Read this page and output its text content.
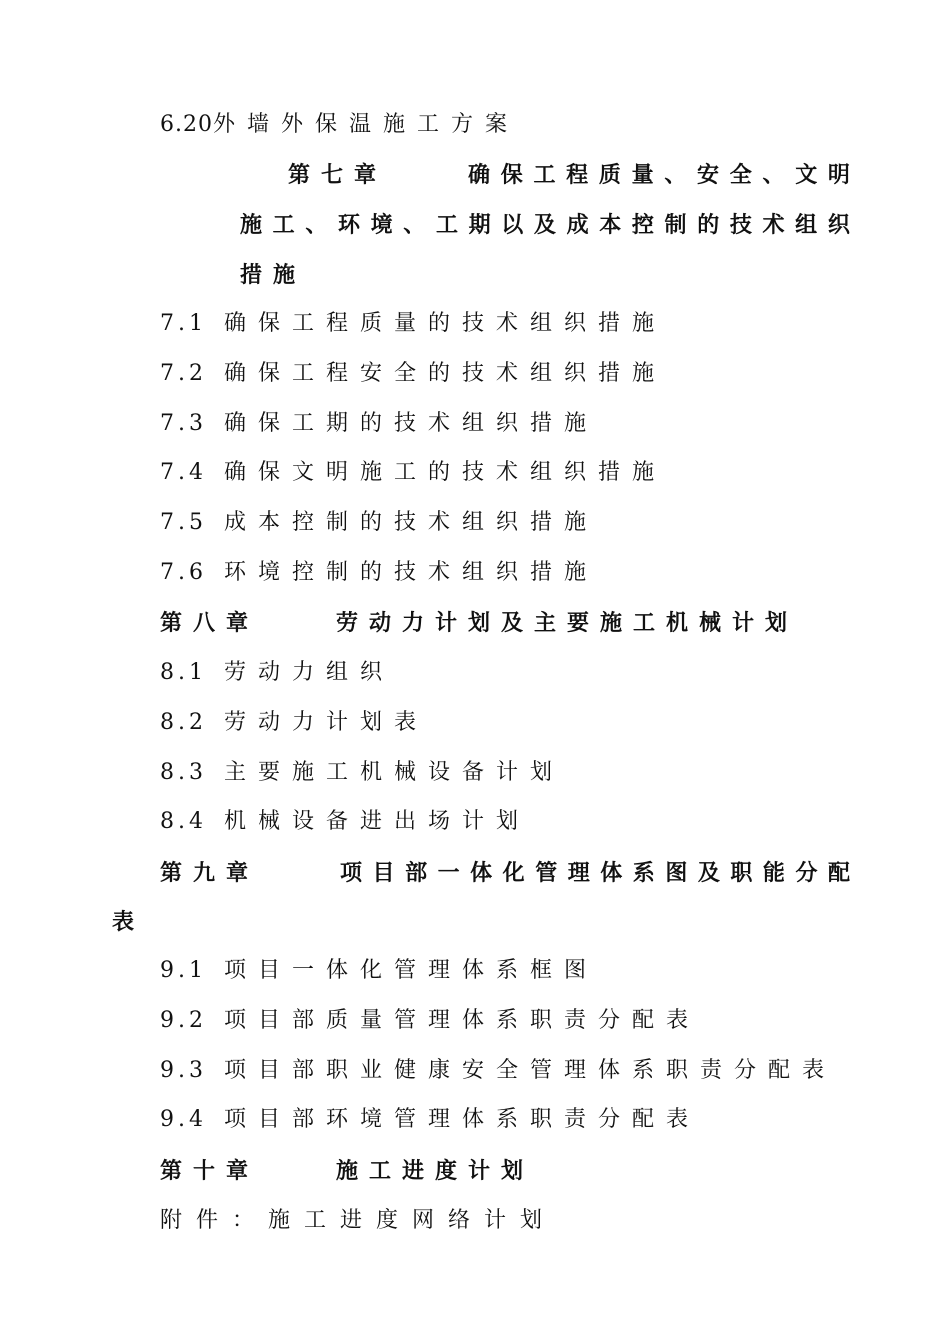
6.20外墙外保温施工方案
第七章	确 保 工 程 质 量 、 安 全 、 文 明
施 工 、 环 境 、 工 期 以 及 成 本 控 制 的 技 术 组 织
措施
7.1 确保工程质量的技术组织措施
7.2 确保工程安全的技术组织措施
7.3 确保工期的技术组织措施
7.4 确保文明施工的技术组织措施
7.5 成本控制的技术组织措施
7.6 环境控制的技术组织措施
第八章	劳动力计划及主要施工机械计划
8.1 劳动力组织
8.2 劳动力计划表
8.3 主要施工机械设备计划
8.4 机械设备进出场计划
第九章	项 目 部 一 体 化 管 理 体 系 图 及 职 能 分 配
表
9.1 项目一体化管理体系框图
9.2 项目部质量管理体系职责分配表
9.3 项目部职业健康安全管理体系职责分配表
9.4 项目部环境管理体系职责分配表
第十章	施工进度计划
附件：施工进度网络计划
